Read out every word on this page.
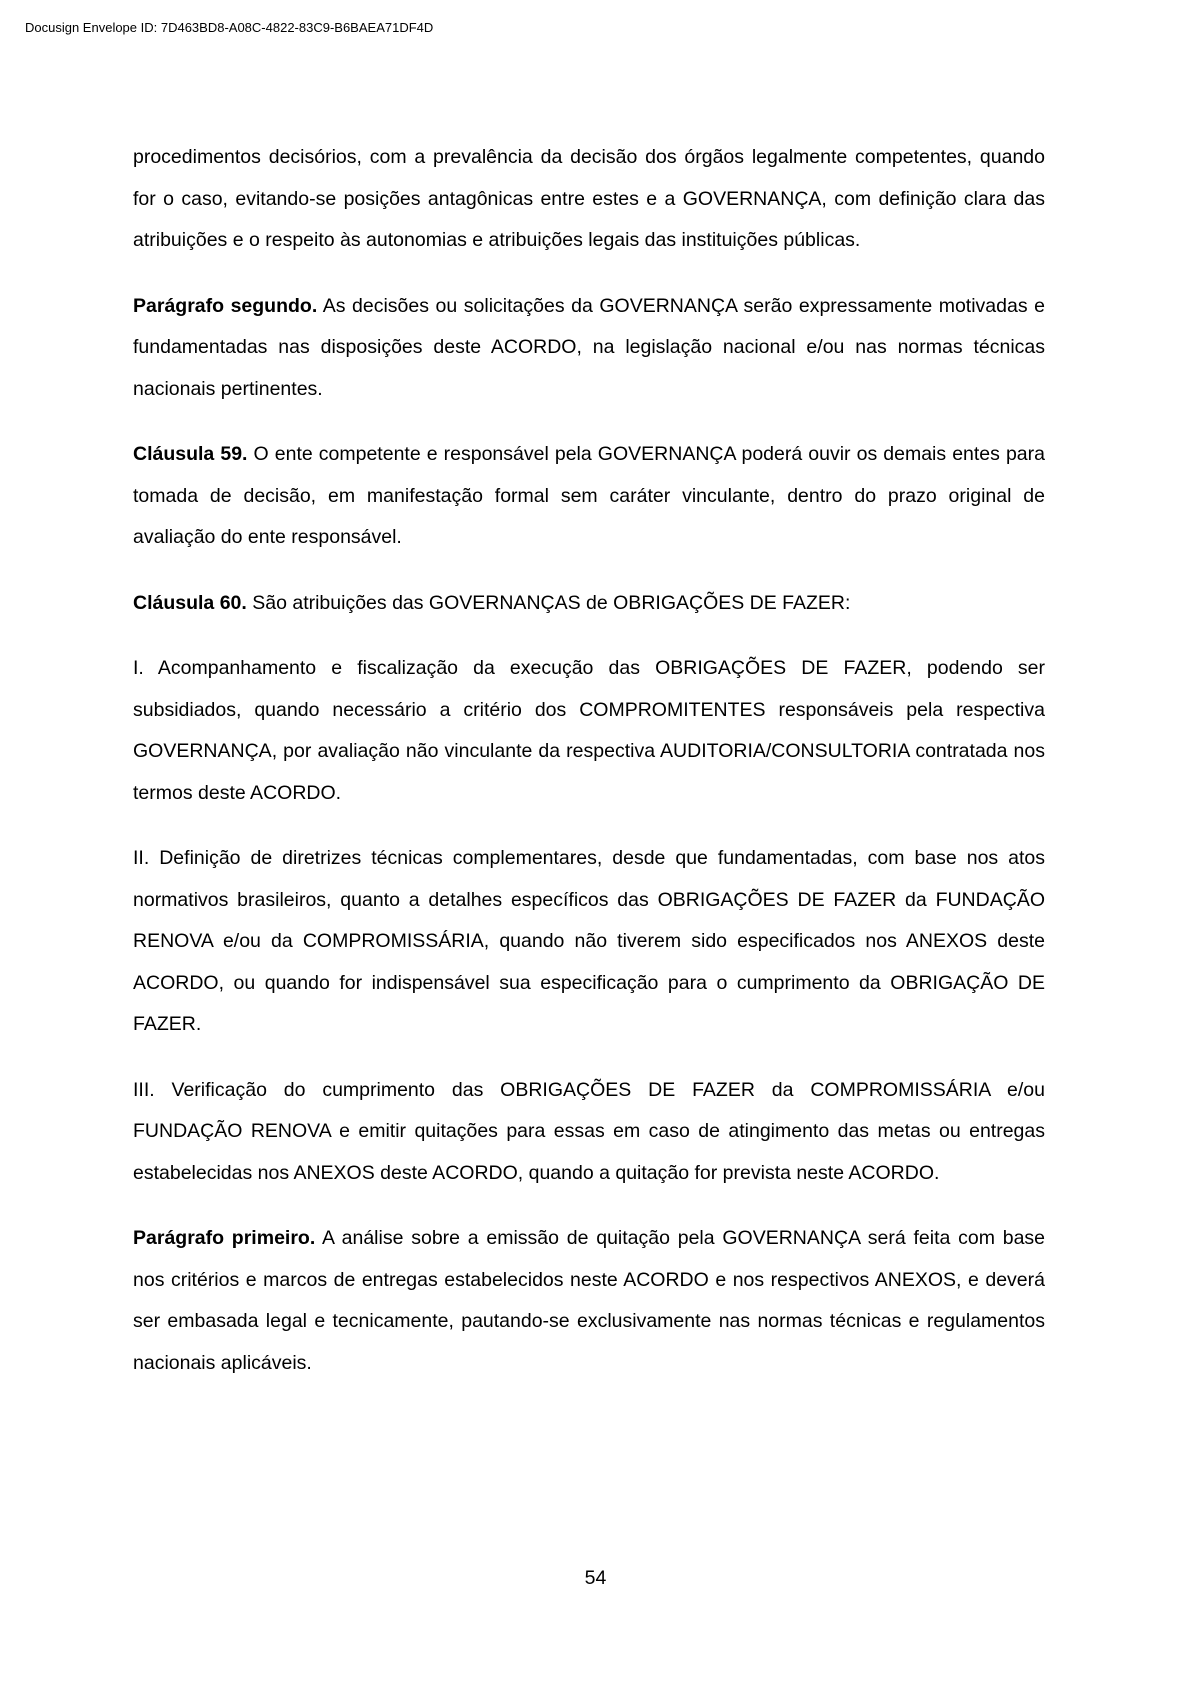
Docusign Envelope ID: 7D463BD8-A08C-4822-83C9-B6BAEA71DF4D

procedimentos decisórios, com a prevalência da decisão dos órgãos legalmente competentes, quando for o caso, evitando-se posições antagônicas entre estes e a GOVERNANÇA, com definição clara das atribuições e o respeito às autonomias e atribuições legais das instituições públicas.

Parágrafo segundo. As decisões ou solicitações da GOVERNANÇA serão expressamente motivadas e fundamentadas nas disposições deste ACORDO, na legislação nacional e/ou nas normas técnicas nacionais pertinentes.

Cláusula 59. O ente competente e responsável pela GOVERNANÇA poderá ouvir os demais entes para tomada de decisão, em manifestação formal sem caráter vinculante, dentro do prazo original de avaliação do ente responsável.

Cláusula 60. São atribuições das GOVERNANÇAS de OBRIGAÇÕES DE FAZER:

I. Acompanhamento e fiscalização da execução das OBRIGAÇÕES DE FAZER, podendo ser subsidiados, quando necessário a critério dos COMPROMITENTES responsáveis pela respectiva GOVERNANÇA, por avaliação não vinculante da respectiva AUDITORIA/CONSULTORIA contratada nos termos deste ACORDO.

II. Definição de diretrizes técnicas complementares, desde que fundamentadas, com base nos atos normativos brasileiros, quanto a detalhes específicos das OBRIGAÇÕES DE FAZER da FUNDAÇÃO RENOVA e/ou da COMPROMISSÁRIA, quando não tiverem sido especificados nos ANEXOS deste ACORDO, ou quando for indispensável sua especificação para o cumprimento da OBRIGAÇÃO DE FAZER.

III. Verificação do cumprimento das OBRIGAÇÕES DE FAZER da COMPROMISSÁRIA e/ou FUNDAÇÃO RENOVA e emitir quitações para essas em caso de atingimento das metas ou entregas estabelecidas nos ANEXOS deste ACORDO, quando a quitação for prevista neste ACORDO.

Parágrafo primeiro. A análise sobre a emissão de quitação pela GOVERNANÇA será feita com base nos critérios e marcos de entregas estabelecidos neste ACORDO e nos respectivos ANEXOS, e deverá ser embasada legal e tecnicamente, pautando-se exclusivamente nas normas técnicas e regulamentos nacionais aplicáveis.

54
